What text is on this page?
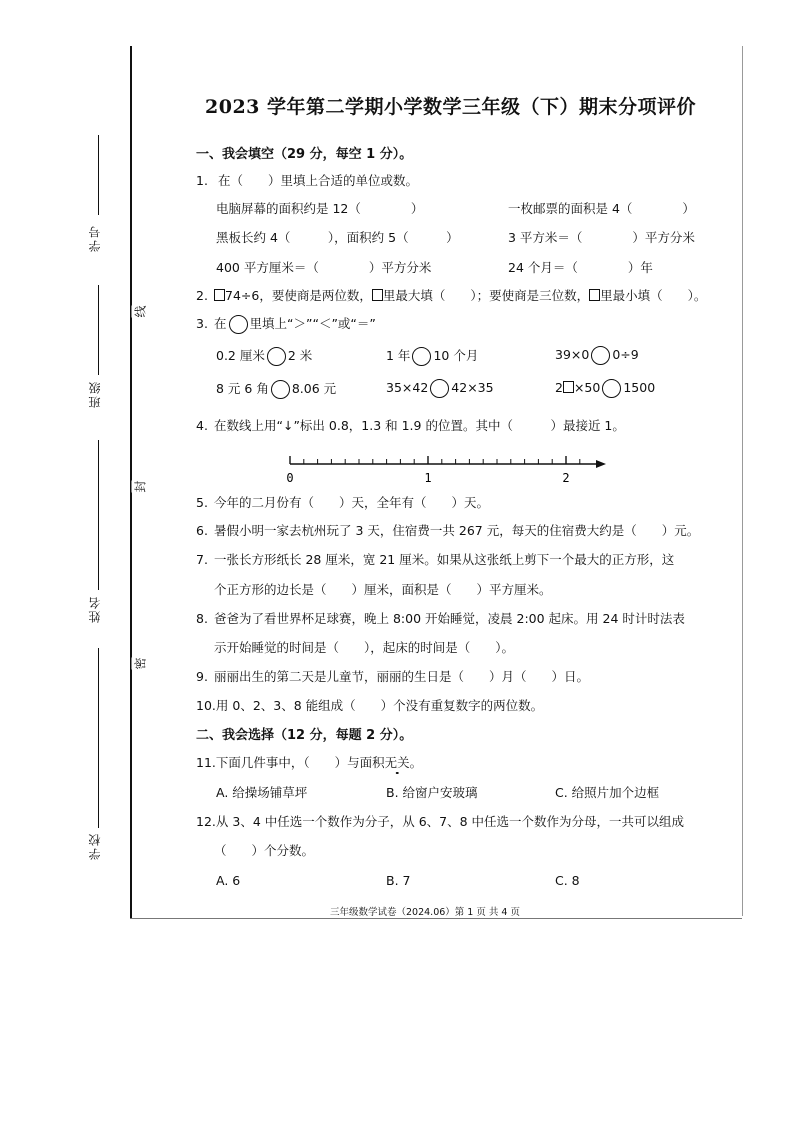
学号
班级
姓名
学校
线
封
密
2023 学年第二学期小学数学三年级（下）期末分项评价
一、我会填空（29 分，每空 1 分）。
1. 在（　　）里填上合适的单位或数。
电脑屏幕的面积约是 12（　　　　）	一枚邮票的面积是 4（　　　　）
黑板长约 4（　　　），面积约 5（　　　）	3 平方米＝（　　　　）平方分米
400 平方厘米＝（　　　　）平方分米	24 个月＝（　　　　）年
2. 74÷6，要使商是两位数， 里最大填（　　）；要使商是三位数， 里最小填（　　）。
3. 在 里填上“＞”“＜”或“＝”
0.2 厘米 2 米	1 年 10 个月	39×0 0÷9
8 元 6 角 8.06 元	35×42 42×35	2 ×50 1500
4. 在数线上用“↓”标出 0.8，1.3 和 1.9 的位置。其中（　　　）最接近 1。
0	1	2
5. 今年的二月份有（　　）天，全年有（　　）天。
6. 暑假小明一家去杭州玩了 3 天，住宿费一共 267 元，每天的住宿费大约是（　　）元。
7. 一张长方形纸长 28 厘米，宽 21 厘米。如果从这张纸上剪下一个最大的正方形，这
个正方形的边长是（　　）厘米，面积是（　　）平方厘米。
8. 爸爸为了看世界杯足球赛，晚上 8:00 开始睡觉，凌晨 2:00 起床。用 24 时计时法表
示开始睡觉的时间是（　　），起床的时间是（　　）。
9. 丽丽出生的第二天是儿童节，丽丽的生日是（　　）月（　　）日。
10.用 0、2、3、8 能组成（　　）个没有重复数字的两位数。
二、我会选择（12 分，每题 2 分）。
11.下面几件事中，（　　）与面积无关。
A. 给操场铺草坪	B. 给窗户安玻璃	C. 给照片加个边框
12.从 3、4 中任选一个数作为分子，从 6、7、8 中任选一个数作为分母，一共可以组成
（　　）个分数。
A. 6	B. 7	C. 8
三年级数学试卷（2024.06）第 1 页 共 4 页
